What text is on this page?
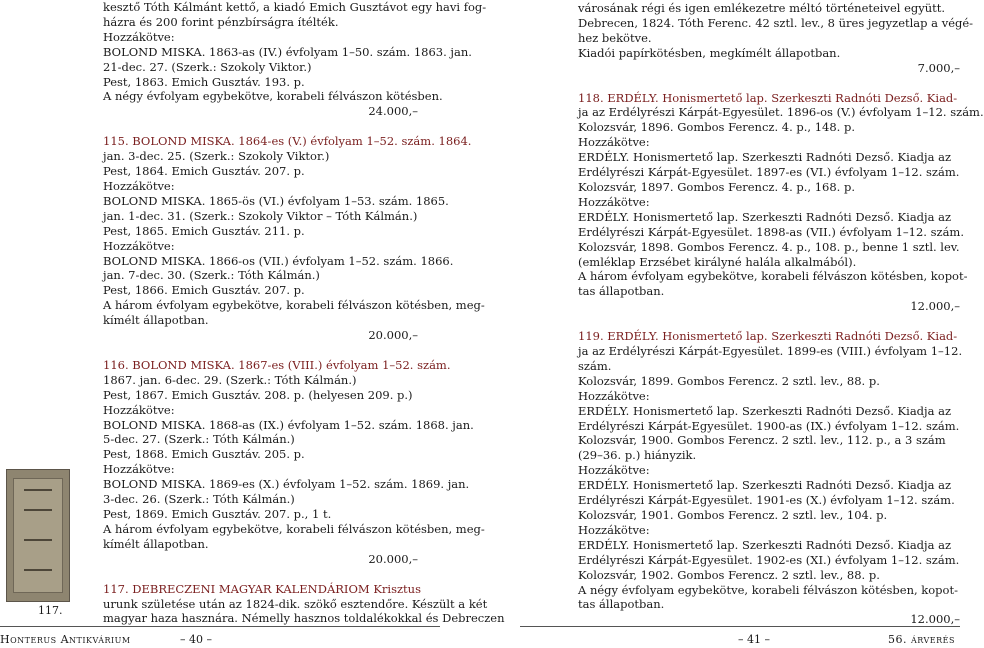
kesztő Tóth Kálmánt kettő, a kiadó Emich Gusztávot egy havi fog-
házra és 200 forint pénzbírságra ítélték.
Hozzákötve:
BOLOND MISKA. 1863-as (IV.) évfolyam 1–50. szám. 1863. jan.
21-dec. 27. (Szerk.: Szokoly Viktor.)
Pest, 1863. Emich Gusztáv. 193. p.
A négy évfolyam egybekötve, korabeli félvászon kötésben.
24.000,–
115. BOLOND MISKA. 1864-es (V.) évfolyam 1–52. szám. 1864.
jan. 3-dec. 25. (Szerk.: Szokoly Viktor.)
Pest, 1864. Emich Gusztáv. 207. p.
Hozzákötve:
BOLOND MISKA. 1865-ös (VI.) évfolyam 1–53. szám. 1865.
jan. 1-dec. 31. (Szerk.: Szokoly Viktor – Tóth Kálmán.)
Pest, 1865. Emich Gusztáv. 211. p.
Hozzákötve:
BOLOND MISKA. 1866-os (VII.) évfolyam 1–52. szám. 1866.
jan. 7-dec. 30. (Szerk.: Tóth Kálmán.)
Pest, 1866. Emich Gusztáv. 207. p.
A három évfolyam egybekötve, korabeli félvászon kötésben, meg-
kímélt állapotban.
20.000,–
116. BOLOND MISKA. 1867-es (VIII.) évfolyam 1–52. szám.
1867. jan. 6-dec. 29. (Szerk.: Tóth Kálmán.)
Pest, 1867. Emich Gusztáv. 208. p. (helyesen 209. p.)
Hozzákötve:
BOLOND MISKA. 1868-as (IX.) évfolyam 1–52. szám. 1868. jan.
5-dec. 27. (Szerk.: Tóth Kálmán.)
Pest, 1868. Emich Gusztáv. 205. p.
Hozzákötve:
BOLOND MISKA. 1869-es (X.) évfolyam 1–52. szám. 1869. jan.
3-dec. 26. (Szerk.: Tóth Kálmán.)
Pest, 1869. Emich Gusztáv. 207. p., 1 t.
A három évfolyam egybekötve, korabeli félvászon kötésben, meg-
kímélt állapotban.
20.000,–
117. DEBRECZENI MAGYAR KALENDÁRIOM Krisztus
urunk születése után az 1824-dik. szökő esztendőre. Készült a két
magyar haza hasznára. Némelly hasznos toldalékokkal és Debreczen
városának régi és igen emlékezetre méltó történeteivel együtt.
Debrecen, 1824. Tóth Ferenc. 42 sztl. lev., 8 üres jegyzetlap a végé-
hez bekötve.
Kiadói papírkötésben, megkímélt állapotban.
7.000,–
118. ERDÉLY. Honismertető lap. Szerkeszti Radnóti Dezső. Kiad-
ja az Erdélyrészi Kárpát-Egyesület. 1896-os (V.) évfolyam 1–12. szám.
Kolozsvár, 1896. Gombos Ferencz. 4. p., 148. p.
Hozzákötve:
ERDÉLY. Honismertető lap. Szerkeszti Radnóti Dezső. Kiadja az
Erdélyrészi Kárpát-Egyesület. 1897-es (VI.) évfolyam 1–12. szám.
Kolozsvár, 1897. Gombos Ferencz. 4. p., 168. p.
Hozzákötve:
ERDÉLY. Honismertető lap. Szerkeszti Radnóti Dezső. Kiadja az
Erdélyrészi Kárpát-Egyesület. 1898-as (VII.) évfolyam 1–12. szám.
Kolozsvár, 1898. Gombos Ferencz. 4. p., 108. p., benne 1 sztl. lev.
(emléklap Erzsébet királyné halála alkalmából).
A három évfolyam egybekötve, korabeli félvászon kötésben, kopot-
tas állapotban.
12.000,–
119. ERDÉLY. Honismertető lap. Szerkeszti Radnóti Dezső. Kiad-
ja az Erdélyrészi Kárpát-Egyesület. 1899-es (VIII.) évfolyam 1–12.
szám.
Kolozsvár, 1899. Gombos Ferencz. 2 sztl. lev., 88. p.
Hozzákötve:
ERDÉLY. Honismertető lap. Szerkeszti Radnóti Dezső. Kiadja az
Erdélyrészi Kárpát-Egyesület. 1900-as (IX.) évfolyam 1–12. szám.
Kolozsvár, 1900. Gombos Ferencz. 2 sztl. lev., 112. p., a 3 szám
(29–36. p.) hiányzik.
Hozzákötve:
ERDÉLY. Honismertető lap. Szerkeszti Radnóti Dezső. Kiadja az
Erdélyrészi Kárpát-Egyesület. 1901-es (X.) évfolyam 1–12. szám.
Kolozsvár, 1901. Gombos Ferencz. 2 sztl. lev., 104. p.
Hozzákötve:
ERDÉLY. Honismertető lap. Szerkeszti Radnóti Dezső. Kiadja az
Erdélyrészi Kárpát-Egyesület. 1902-es (XI.) évfolyam 1–12. szám.
Kolozsvár, 1902. Gombos Ferencz. 2 sztl. lev., 88. p.
A négy évfolyam egybekötve, korabeli félvászon kötésben, kopot-
tas állapotban.
12.000,–
117.
Honterus Antikvárium	– 40 –	– 41 –	56. árverés
